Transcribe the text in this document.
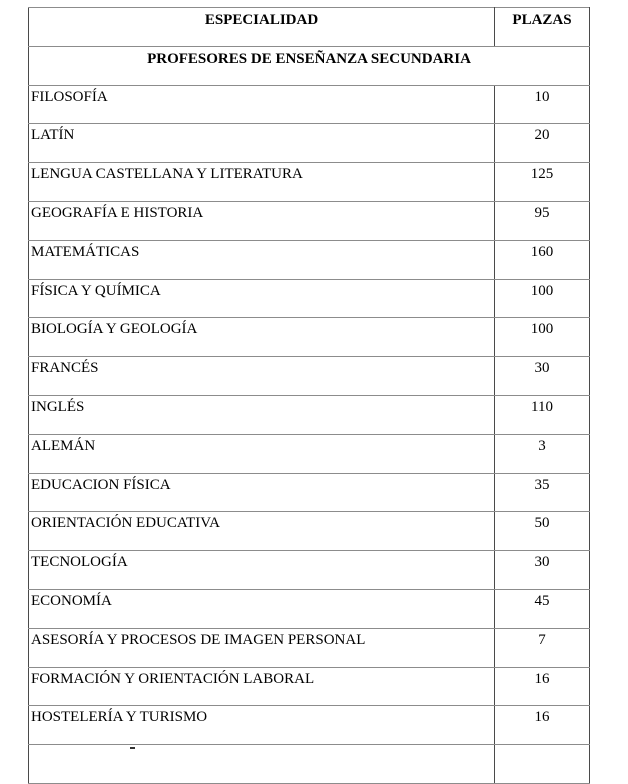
ESPECIALIDAD	PLAZAS
PROFESORES DE ENSEÑANZA SECUNDARIA	
FILOSOFÍA	10
LATÍN	20
LENGUA CASTELLANA Y LITERATURA	125
GEOGRAFÍA E HISTORIA	95
MATEMÁTICAS	160
FÍSICA Y QUÍMICA	100
BIOLOGÍA Y GEOLOGÍA	100
FRANCÉS	30
INGLÉS	110
ALEMÁN	3
EDUCACION FÍSICA	35
ORIENTACIÓN EDUCATIVA	50
TECNOLOGÍA	30
ECONOMÍA	45
ASESORÍA Y PROCESOS DE IMAGEN PERSONAL	7
FORMACIÓN Y ORIENTACIÓN LABORAL	16
HOSTELERÍA Y TURISMO	16
